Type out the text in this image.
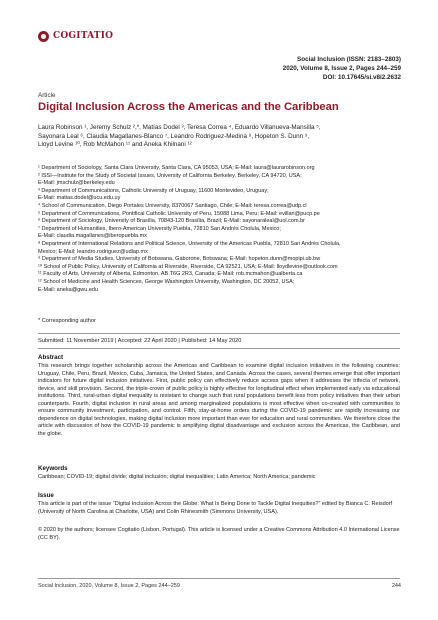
COGITATIO
Social Inclusion (ISSN: 2183–2803)
2020, Volume 8, Issue 2, Pages 244–259
DOI: 10.17645/si.v8i2.2632
Article
Digital Inclusion Across the Americas and the Caribbean
Laura Robinson ¹, Jeremy Schulz ²,*, Matías Dodel ³, Teresa Correa ⁴, Eduardo Villanueva-Mansilla ⁵,
Sayonara Leal ⁶, Claudia Magallanes-Blanco ⁷, Leandro Rodriguez-Medina ⁸, Hopeton S. Dunn ⁹,
Lloyd Levine ¹⁰, Rob McMahon ¹¹ and Aneka Khilnani ¹²
¹ Department of Sociology, Santa Clara University, Santa Clara, CA 95053, USA; E-Mail: laura@laurarobinson.org
² ISSI—Institute for the Study of Societal Issues, University of California Berkeley, Berkeley, CA 94720, USA;
E-Mail: jmschulz@berkeley.edu
³ Department of Communications, Catholic University of Uruguay, 11600 Montevideo, Uruguay;
E-Mail: matias.dodel@ucu.edu.uy
⁴ School of Communication, Diego Portales University, 8370067 Santiago, Chile; E-Mail: teresa.correa@udp.cl
⁵ Department of Communications, Pontifical Catholic University of Peru, 15088 Lima, Peru; E-Mail: evillan@pucp.pe
⁶ Department of Sociology, University of Brasília, 70843-120 Brasília, Brazil; E-Mail: sayonaraleal@uol.com.br
⁷ Department of Humanities, Ibero-American University Puebla, 72810 San Andrés Cholula, Mexico;
E-Mail: claudia.magallanes@iberopuebla.mx
⁸ Department of International Relations and Political Science, University of the Americas Puebla, 72810 San Andrés Cholula,
Mexico; E-Mail: leandro.rodriguez@udlap.mx
⁹ Department of Media Studies, University of Botswana, Gaborone, Botswana; E-Mail: hopeton.dunn@mopipi.ub.bw
¹⁰ School of Public Policy, University of California at Riverside, Riverside, CA 92521, USA; E-Mail: lloydlevine@outlook.com
¹¹ Faculty of Arts, University of Alberta, Edmonton, AB T6G 2R3, Canada; E-Mail: rob.mcmahon@ualberta.ca
¹² School of Medicine and Health Sciences, George Washington University, Washington, DC 20052, USA;
E-Mail: aneka@gwu.edu
* Corresponding author
Submitted: 11 November 2019 | Accepted: 22 April 2020 | Published: 14 May 2020
Abstract
This research brings together scholarship across the Americas and Caribbean to examine digital inclusion initiatives in the following countries: Uruguay, Chile, Peru, Brazil, Mexico, Cuba, Jamaica, the United States, and Canada. Across the cases, several themes emerge that offer important indicators for future digital inclusion initiatives. First, public policy can effectively reduce access gaps when it addresses the trifecta of network, device, and skill provision. Second, the triple-crown of public policy is highly effective for longitudinal effect when implemented early via educational institutions. Third, rural-urban digital inequality is resistant to change such that rural populations benefit less from policy initiatives than their urban counterparts. Fourth, digital inclusion in rural areas and among marginalized populations is most effective when co-created with communities to ensure community investment, participation, and control. Fifth, stay-at-home orders during the COVID-19 pandemic are rapidly increasing our dependence on digital technologies, making digital inclusion more important than ever for education and rural communities. We therefore close the article with discussion of how the COVID-19 pandemic is amplifying digital disadvantage and exclusion across the Americas, the Caribbean, and the globe.
Keywords
Caribbean; COVID-19; digital divide; digital inclusion; digital inequalities; Latin America; North America; pandemic
Issue
This article is part of the issue “Digital Inclusion Across the Globe: What Is Being Done to Tackle Digital Inequities?” edited by Bianca C. Reisdorf (University of North Carolina at Charlotte, USA) and Colin Rhinesmith (Simmons University, USA).
© 2020 by the authors; licensee Cogitatio (Lisbon, Portugal). This article is licensed under a Creative Commons Attribution 4.0 International License (CC BY).
Social Inclusion, 2020, Volume 8, Issue 2, Pages 244–259	244
